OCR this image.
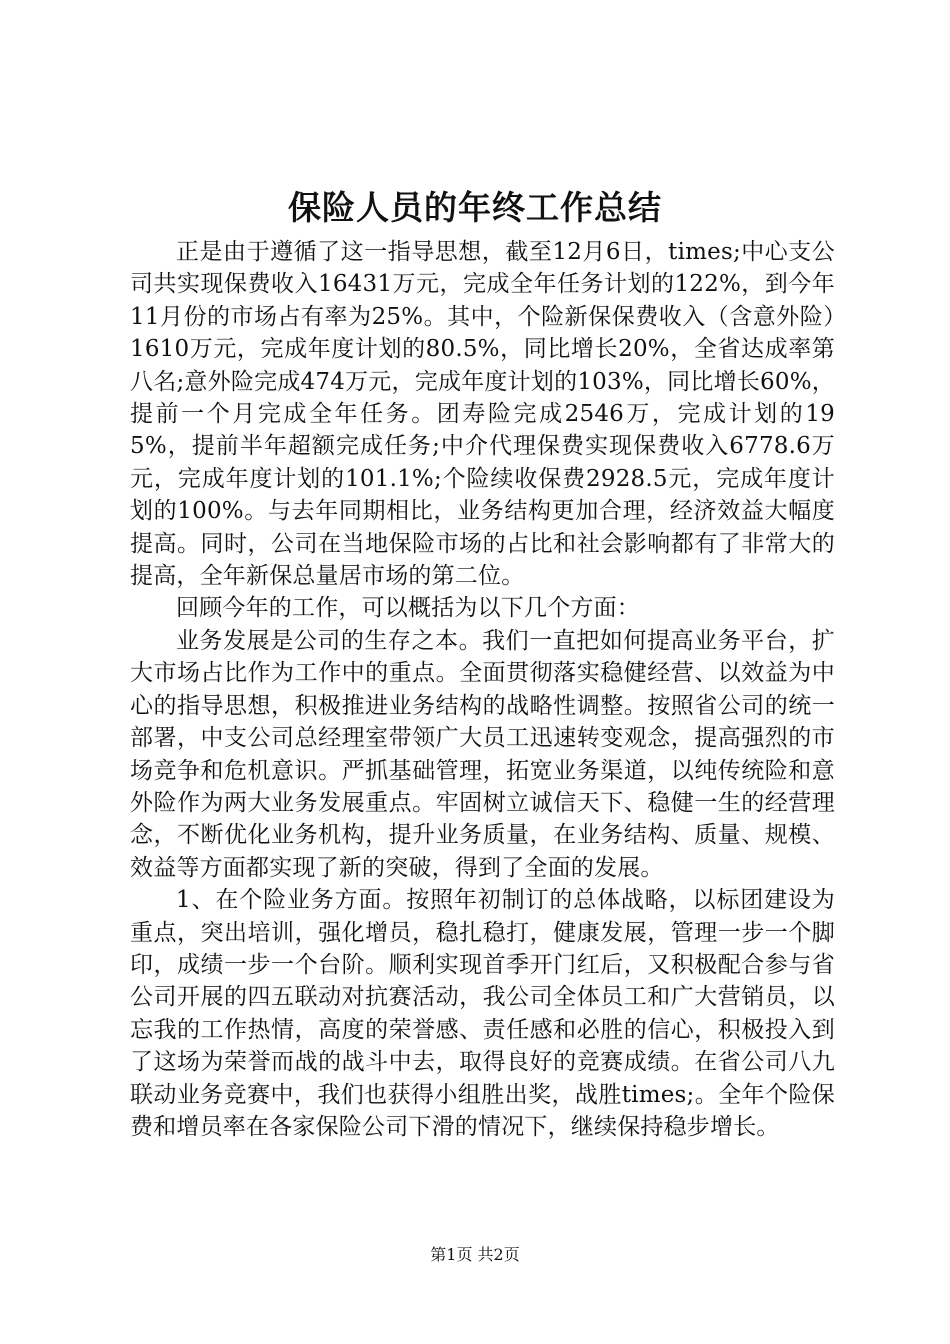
保险人员的年终工作总结

正是由于遵循了这一指导思想，截至12月6日，times;中心支公司共实现保费收入16431万元，完成全年任务计划的122%，到今年11月份的市场占有率为25%。其中，个险新保保费收入（含意外险）1610万元，完成年度计划的80.5%，同比增长20%，全省达成率第八名;意外险完成474万元，完成年度计划的103%，同比增长60%，提前一个月完成全年任务。团寿险完成2546万，完成计划的195%，提前半年超额完成任务;中介代理保费实现保费收入6778.6万元，完成年度计划的101.1%;个险续收保费2928.5元，完成年度计划的100%。与去年同期相比，业务结构更加合理，经济效益大幅度提高。同时，公司在当地保险市场的占比和社会影响都有了非常大的提高，全年新保总量居市场的第二位。

回顾今年的工作，可以概括为以下几个方面：

业务发展是公司的生存之本。我们一直把如何提高业务平台，扩大市场占比作为工作中的重点。全面贯彻落实稳健经营、以效益为中心的指导思想，积极推进业务结构的战略性调整。按照省公司的统一部署，中支公司总经理室带领广大员工迅速转变观念，提高强烈的市场竞争和危机意识。严抓基础管理，拓宽业务渠道，以纯传统险和意外险作为两大业务发展重点。牢固树立诚信天下、稳健一生的经营理念，不断优化业务机构，提升业务质量，在业务结构、质量、规模、效益等方面都实现了新的突破，得到了全面的发展。

1、在个险业务方面。按照年初制订的总体战略，以标团建设为重点，突出培训，强化增员，稳扎稳打，健康发展，管理一步一个脚印，成绩一步一个台阶。顺利实现首季开门红后，又积极配合参与省公司开展的四五联动对抗赛活动，我公司全体员工和广大营销员，以忘我的工作热情，高度的荣誉感、责任感和必胜的信心，积极投入到了这场为荣誉而战的战斗中去，取得良好的竞赛成绩。在省公司八九联动业务竞赛中，我们也获得小组胜出奖，战胜times;。全年个险保费和增员率在各家保险公司下滑的情况下，继续保持稳步增长。

第1页 共2页
